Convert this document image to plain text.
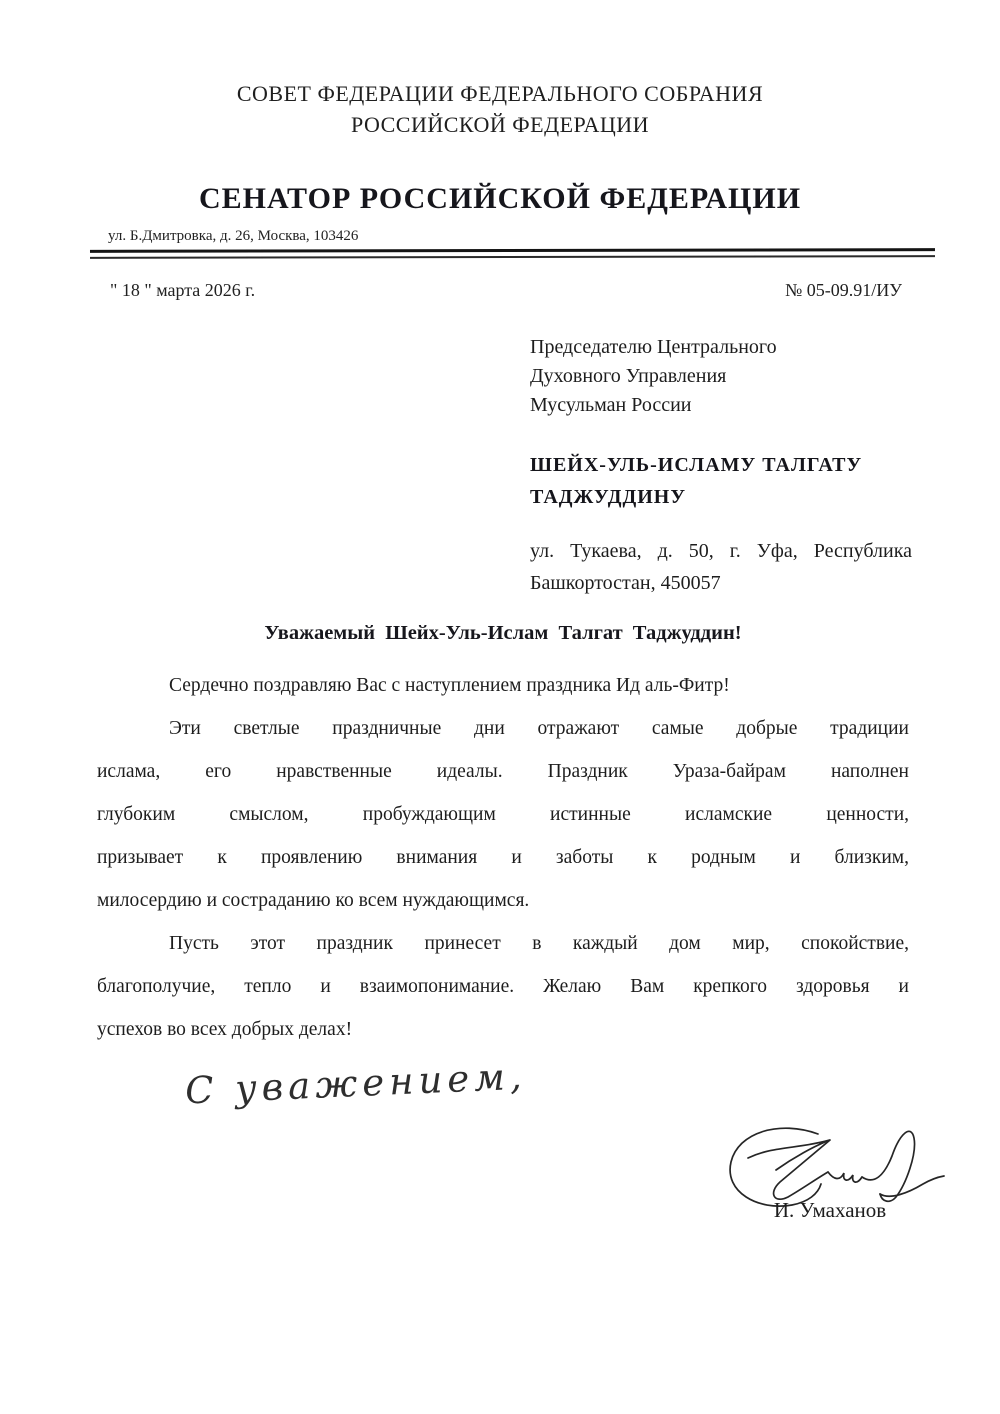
СОВЕТ ФЕДЕРАЦИИ ФЕДЕРАЛЬНОГО СОБРАНИЯ
РОССИЙСКОЙ ФЕДЕРАЦИИ
СЕНАТОР РОССИЙСКОЙ ФЕДЕРАЦИИ
ул. Б.Дмитровка, д. 26, Москва, 103426
" 18 " марта 2026 г.	№ 05-09.91/ИУ
Председателю Центрального
Духовного Управления
Мусульман России
ШЕЙХ-УЛЬ-ИСЛАМУ ТАЛГАТУ
ТАДЖУДДИНУ
ул. Тукаева, д. 50, г. Уфа, Республика
Башкортостан, 450057
Уважаемый Шейх-Уль-Ислам Талгат Таджуддин!
Сердечно поздравляю Вас с наступлением праздника Ид аль-Фитр!
Эти светлые праздничные дни отражают самые добрые традиции
ислама, его нравственные идеалы. Праздник Ураза-байрам наполнен
глубоким смыслом, пробуждающим истинные исламские ценности,
призывает к проявлению внимания и заботы к родным и близким,
милосердию и состраданию ко всем нуждающимся.
Пусть этот праздник принесет в каждый дом мир, спокойствие,
благополучие, тепло и взаимопонимание. Желаю Вам крепкого здоровья и
успехов во всех добрых делах!
С уважением,
И. Умаханов
